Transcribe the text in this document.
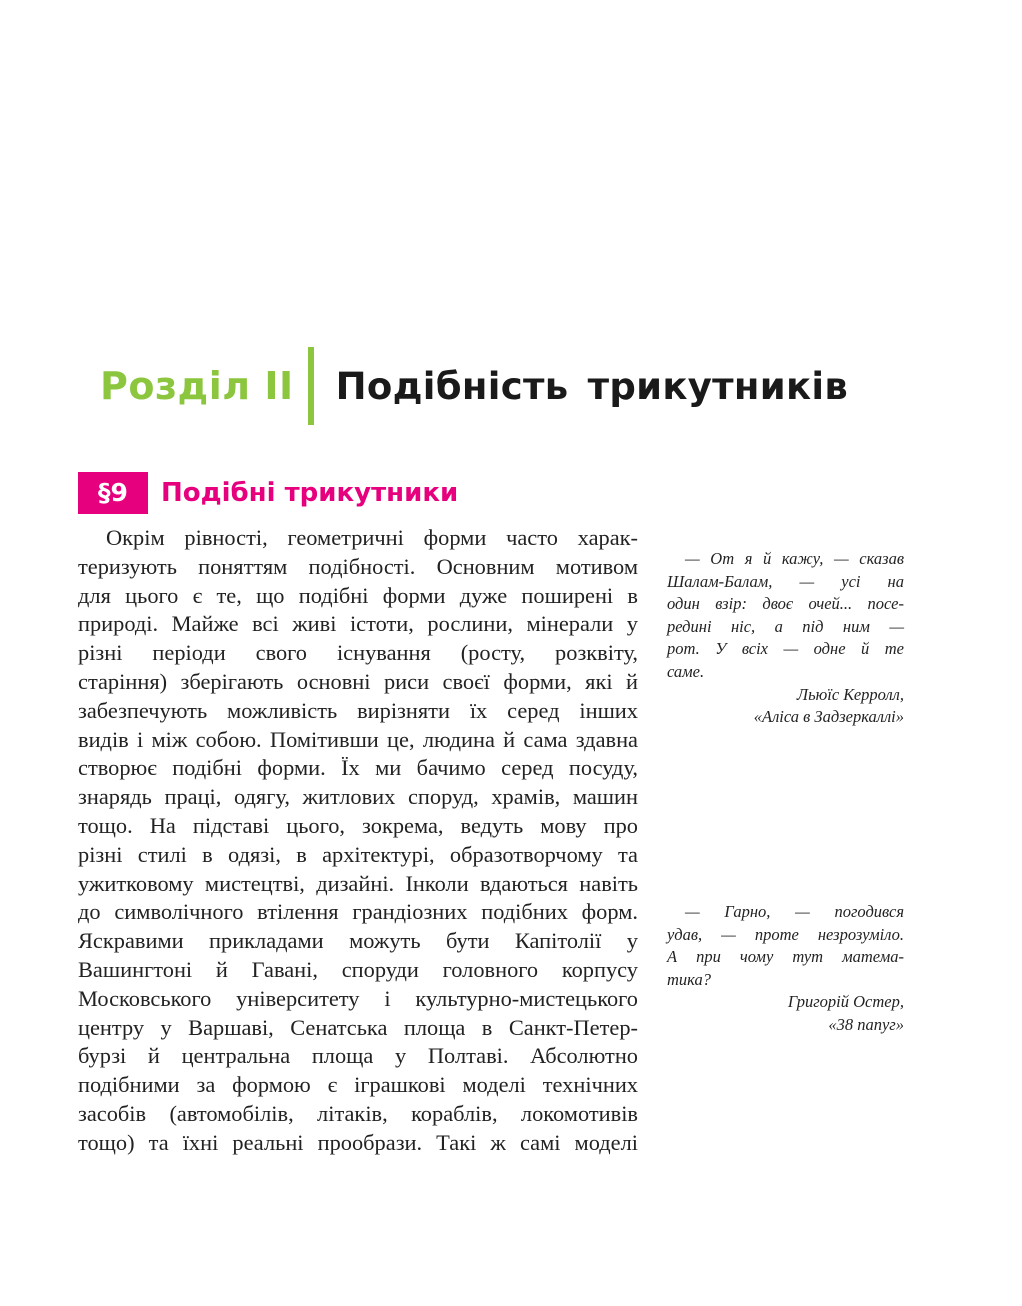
Розділ ІІ Подібність трикутників
§9	Подібні трикутники
Окрім рівності, геометричні форми часто харак-
теризують поняттям подібності. Основним мотивом
для цього є те, що подібні форми дуже поширені в
природі. Майже всі живі істоти, рослини, мінерали у
різні періоди свого існування (росту, розквіту,
старіння) зберігають основні риси своєї форми, які й
забезпечують можливість вирізняти їх серед інших
видів і між собою. Помітивши це, людина й сама здавна
створює подібні форми. Їх ми бачимо серед посуду,
знарядь праці, одягу, житлових споруд, храмів, машин
тощо. На підставі цього, зокрема, ведуть мову про
різні стилі в одязі, в архітектурі, образотворчому та
ужитковому мистецтві, дизайні. Інколи вдаються навіть
до символічного втілення грандіозних подібних форм.
Яскравими прикладами можуть бути Капітолії у
Вашингтоні й Гавані, споруди головного корпусу
Московського університету і культурно-мистецького
центру у Варшаві, Сенатська площа в Санкт-Петер-
бурзі й центральна площа у Полтаві. Абсолютно
подібними за формою є іграшкові моделі технічних
засобів (автомобілів, літаків, кораблів, локомотивів
тощо) та їхні реальні прообрази. Такі ж самі моделі
— От я й кажу, — сказав
Шалам-Балам, — усі на
один взір: двоє очей... посе-
редині ніс, а під ним —
рот. У всіх — одне й те
саме.
Льюїс Керролл,
«Аліса в Задзеркаллі»
— Гарно, — погодився
удав, — проте незрозуміло.
А при чому тут матема-
тика?
Григорій Остер,
«38 папуг»
